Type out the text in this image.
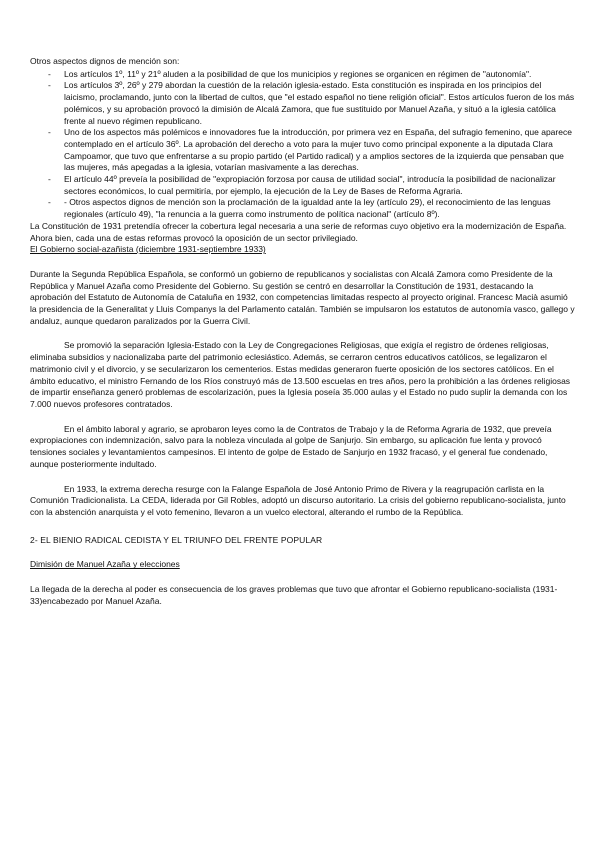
Otros aspectos dignos de mención son:

- Los artículos 1º, 11º y 21º aluden a la posibilidad de que los municipios y regiones se organicen en régimen de "autonomía".
- Los artículos 3º, 26º y 279 abordan la cuestión de la relación iglesia-estado. Esta constitución es inspirada en los principios del laicismo, proclamando, junto con la libertad de cultos, que "el estado español no tiene religión oficial". Estos artículos fueron de los más polémicos, y su aprobación provocó la dimisión de Alcalá Zamora, que fue sustituido por Manuel Azaña, y situó a la iglesia católica frente al nuevo régimen republicano.
- Uno de los aspectos más polémicos e innovadores fue la introducción, por primera vez en España, del sufragio femenino, que aparece contemplado en el artículo 36º. La aprobación del derecho a voto para la mujer tuvo como principal exponente a la diputada Clara Campoamor, que tuvo que enfrentarse a su propio partido (el Partido radical) y a amplios sectores de la izquierda que pensaban que las mujeres, más apegadas a la iglesia, votarían masivamente a las derechas.
- El artículo 44º preveía la posibilidad de "expropiación forzosa por causa de utilidad social", introducía la posibilidad de nacionalizar sectores económicos, lo cual permitiría, por ejemplo, la ejecución de la Ley de Bases de Reforma Agraria.
- - Otros aspectos dignos de mención son la proclamación de la igualdad ante la ley (artículo 29), el reconocimiento de las lenguas regionales (artículo 49), "la renuncia a la guerra como instrumento de política nacional" (artículo 8º).

La Constitución de 1931 pretendía ofrecer la cobertura legal necesaria a una serie de reformas cuyo objetivo era la modernización de España. Ahora bien, cada una de estas reformas provocó la oposición de un sector privilegiado.

El Gobierno social-azañista (diciembre 1931-septiembre 1933)

Durante la Segunda República Española, se conformó un gobierno de republicanos y socialistas con Alcalá Zamora como Presidente de la República y Manuel Azaña como Presidente del Gobierno. Su gestión se centró en desarrollar la Constitución de 1931, destacando la aprobación del Estatuto de Autonomía de Cataluña en 1932, con competencias limitadas respecto al proyecto original. Francesc Macià asumió la presidencia de la Generalitat y Lluis Companys la del Parlamento catalán. También se impulsaron los estatutos de autonomía vasco, gallego y andaluz, aunque quedaron paralizados por la Guerra Civil.

Se promovió la separación Iglesia-Estado con la Ley de Congregaciones Religiosas, que exigía el registro de órdenes religiosas, eliminaba subsidios y nacionalizaba parte del patrimonio eclesiástico. Además, se cerraron centros educativos católicos, se legalizaron el matrimonio civil y el divorcio, y se secularizaron los cementerios. Estas medidas generaron fuerte oposición de los sectores católicos. En el ámbito educativo, el ministro Fernando de los Ríos construyó más de 13.500 escuelas en tres años, pero la prohibición a las órdenes religiosas de impartir enseñanza generó problemas de escolarización, pues la Iglesia poseía 35.000 aulas y el Estado no pudo suplir la demanda con los 7.000 nuevos profesores contratados.

En el ámbito laboral y agrario, se aprobaron leyes como la de Contratos de Trabajo y la de Reforma Agraria de 1932, que preveía expropiaciones con indemnización, salvo para la nobleza vinculada al golpe de Sanjurjo. Sin embargo, su aplicación fue lenta y provocó tensiones sociales y levantamientos campesinos. El intento de golpe de Estado de Sanjurjo en 1932 fracasó, y el general fue condenado, aunque posteriormente indultado.

En 1933, la extrema derecha resurge con la Falange Española de José Antonio Primo de Rivera y la reagrupación carlista en la Comunión Tradicionalista. La CEDA, liderada por Gil Robles, adoptó un discurso autoritario. La crisis del gobierno republicano-socialista, junto con la abstención anarquista y el voto femenino, llevaron a un vuelco electoral, alterando el rumbo de la República.

2- EL BIENIO RADICAL CEDISTA Y EL TRIUNFO DEL FRENTE POPULAR

Dimisión de Manuel Azaña y elecciones

La llegada de la derecha al poder es consecuencia de los graves problemas que tuvo que afrontar el Gobierno republicano-socialista (1931-33)encabezado por Manuel Azaña.
